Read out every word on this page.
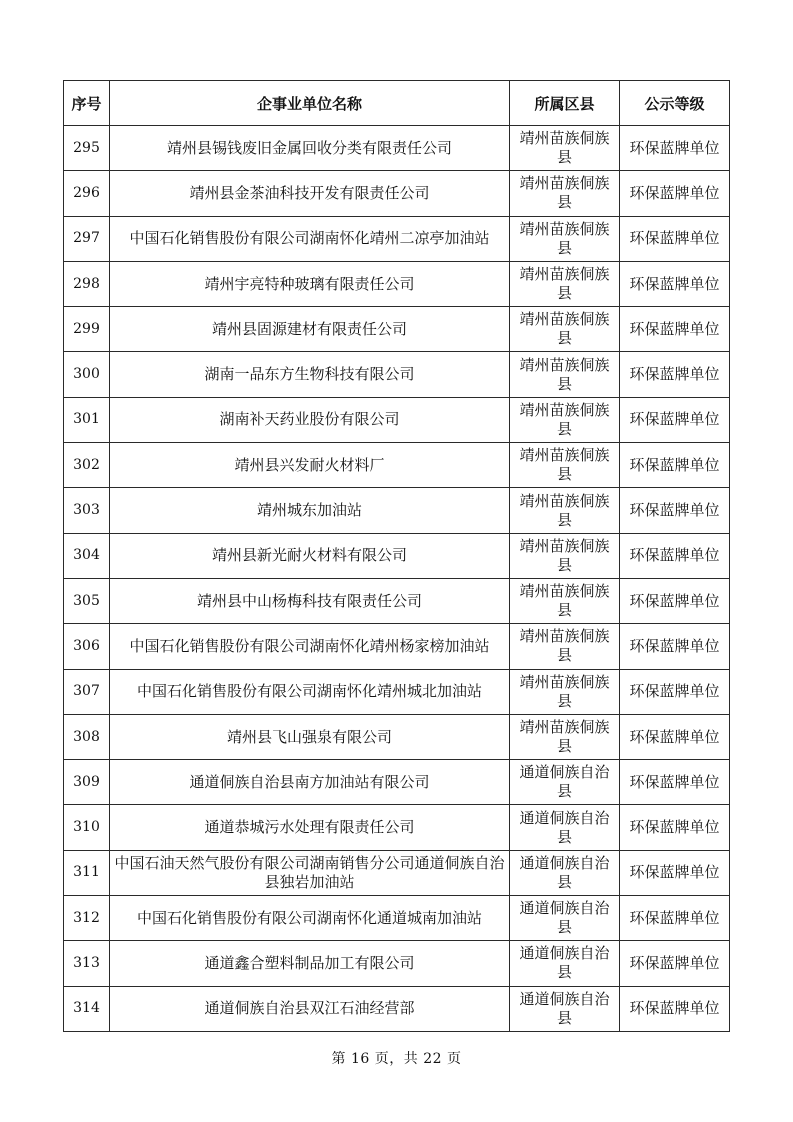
序号	企事业单位名称	所属区县	公示等级
295	靖州县锡钱废旧金属回收分类有限责任公司	靖州苗族侗族县	环保蓝牌单位
296	靖州县金茶油科技开发有限责任公司	靖州苗族侗族县	环保蓝牌单位
297	中国石化销售股份有限公司湖南怀化靖州二凉亭加油站	靖州苗族侗族县	环保蓝牌单位
298	靖州宇亮特种玻璃有限责任公司	靖州苗族侗族县	环保蓝牌单位
299	靖州县固源建材有限责任公司	靖州苗族侗族县	环保蓝牌单位
300	湖南一品东方生物科技有限公司	靖州苗族侗族县	环保蓝牌单位
301	湖南补天药业股份有限公司	靖州苗族侗族县	环保蓝牌单位
302	靖州县兴发耐火材料厂	靖州苗族侗族县	环保蓝牌单位
303	靖州城东加油站	靖州苗族侗族县	环保蓝牌单位
304	靖州县新光耐火材料有限公司	靖州苗族侗族县	环保蓝牌单位
305	靖州县中山杨梅科技有限责任公司	靖州苗族侗族县	环保蓝牌单位
306	中国石化销售股份有限公司湖南怀化靖州杨家榜加油站	靖州苗族侗族县	环保蓝牌单位
307	中国石化销售股份有限公司湖南怀化靖州城北加油站	靖州苗族侗族县	环保蓝牌单位
308	靖州县飞山强泉有限公司	靖州苗族侗族县	环保蓝牌单位
309	通道侗族自治县南方加油站有限公司	通道侗族自治县	环保蓝牌单位
310	通道恭城污水处理有限责任公司	通道侗族自治县	环保蓝牌单位
311	中国石油天然气股份有限公司湖南销售分公司通道侗族自治县独岩加油站	通道侗族自治县	环保蓝牌单位
312	中国石化销售股份有限公司湖南怀化通道城南加油站	通道侗族自治县	环保蓝牌单位
313	通道鑫合塑料制品加工有限公司	通道侗族自治县	环保蓝牌单位
314	通道侗族自治县双江石油经营部	通道侗族自治县	环保蓝牌单位
第 16 页，共 22 页
